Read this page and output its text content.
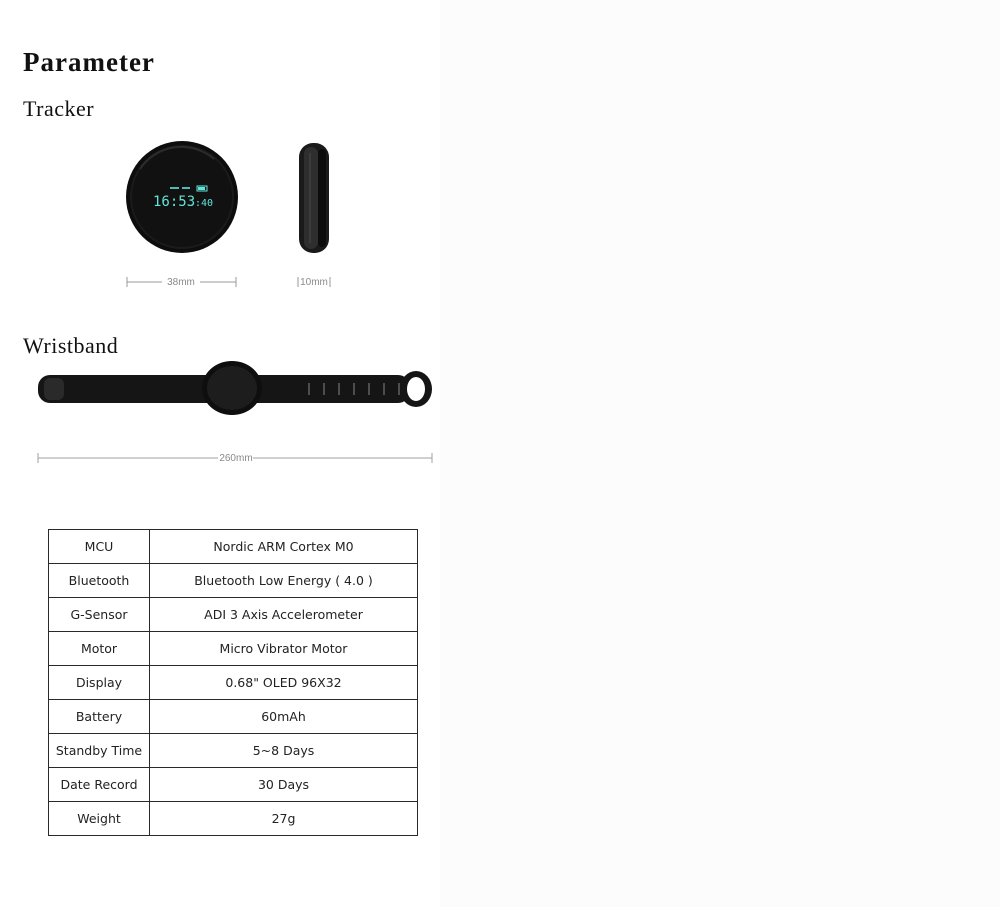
Parameter
Tracker
16:53 :40
38mm	10mm
Wristband
260mm
MCU	Nordic ARM Cortex M0
Bluetooth	Bluetooth Low Energy ( 4.0 )
G-Sensor	ADI 3 Axis Accelerometer
Motor	Micro Vibrator Motor
Display	0.68" OLED 96X32
Battery	60mAh
Standby Time	5~8 Days
Date Record	30 Days
Weight	27g
